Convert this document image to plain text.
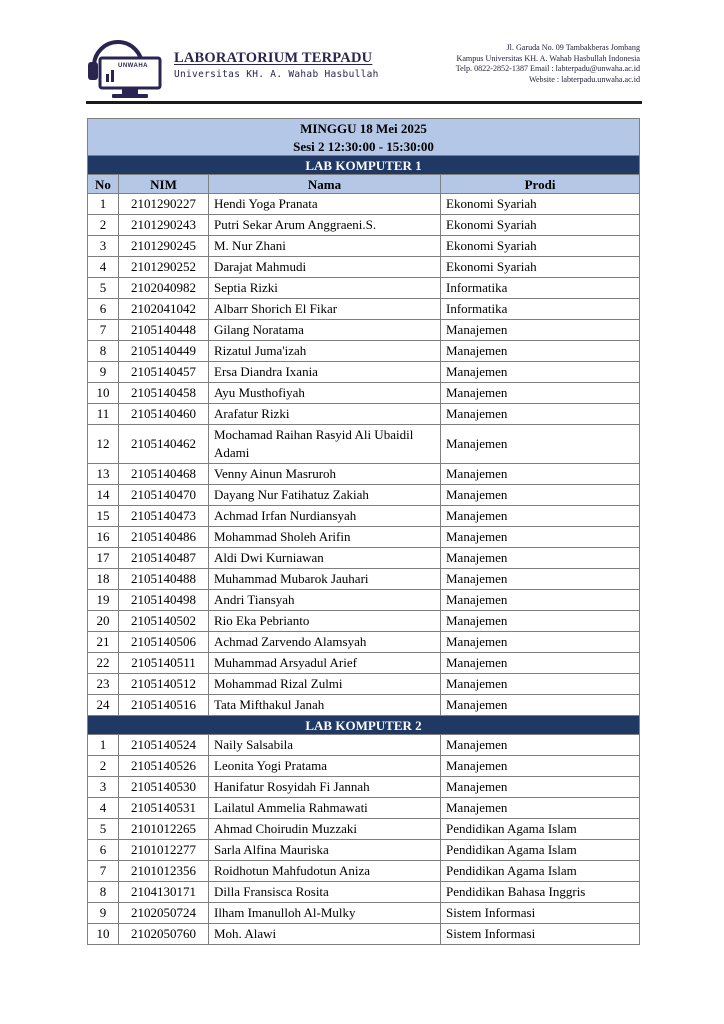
UNWAHA LABORATORIUM TERPADU
Universitas KH. A. Wahab Hasbullah
Jl. Garuda No. 09 Tambakberas Jombang
Kampus Universitas KH. A. Wahab Hasbullah Indonesia
Telp. 0822-2852-1387 Email : labterpadu@unwaha.ac.id
Website : labterpadu.unwaha.ac.id
MINGGU 18 Mei 2025			
Sesi 2 12:30:00 - 15:30:00			
LAB KOMPUTER 1			
No	NIM	Nama	Prodi
1	2101290227	Hendi Yoga Pranata	Ekonomi Syariah
2	2101290243	Putri Sekar Arum Anggraeni.S.	Ekonomi Syariah
3	2101290245	M. Nur Zhani	Ekonomi Syariah
4	2101290252	Darajat Mahmudi	Ekonomi Syariah
5	2102040982	Septia Rizki	Informatika
6	2102041042	Albarr Shorich El Fikar	Informatika
7	2105140448	Gilang Noratama	Manajemen
8	2105140449	Rizatul Juma'izah	Manajemen
9	2105140457	Ersa Diandra Ixania	Manajemen
10	2105140458	Ayu Musthofiyah	Manajemen
11	2105140460	Arafatur Rizki	Manajemen
12	2105140462	Mochamad Raihan Rasyid Ali Ubaidil Adami	Manajemen
13	2105140468	Venny Ainun Masruroh	Manajemen
14	2105140470	Dayang Nur Fatihatuz Zakiah	Manajemen
15	2105140473	Achmad Irfan Nurdiansyah	Manajemen
16	2105140486	Mohammad Sholeh Arifin	Manajemen
17	2105140487	Aldi Dwi Kurniawan	Manajemen
18	2105140488	Muhammad Mubarok Jauhari	Manajemen
19	2105140498	Andri Tiansyah	Manajemen
20	2105140502	Rio Eka Pebrianto	Manajemen
21	2105140506	Achmad Zarvendo Alamsyah	Manajemen
22	2105140511	Muhammad Arsyadul Arief	Manajemen
23	2105140512	Mohammad Rizal Zulmi	Manajemen
24	2105140516	Tata Mifthakul Janah	Manajemen
LAB KOMPUTER 2			
1	2105140524	Naily Salsabila	Manajemen
2	2105140526	Leonita Yogi Pratama	Manajemen
3	2105140530	Hanifatur Rosyidah Fi Jannah	Manajemen
4	2105140531	Lailatul Ammelia Rahmawati	Manajemen
5	2101012265	Ahmad Choirudin Muzzaki	Pendidikan Agama Islam
6	2101012277	Sarla Alfina Mauriska	Pendidikan Agama Islam
7	2101012356	Roidhotun Mahfudotun Aniza	Pendidikan Agama Islam
8	2104130171	Dilla Fransisca Rosita	Pendidikan Bahasa Inggris
9	2102050724	Ilham Imanulloh Al-Mulky	Sistem Informasi
10	2102050760	Moh. Alawi	Sistem Informasi
